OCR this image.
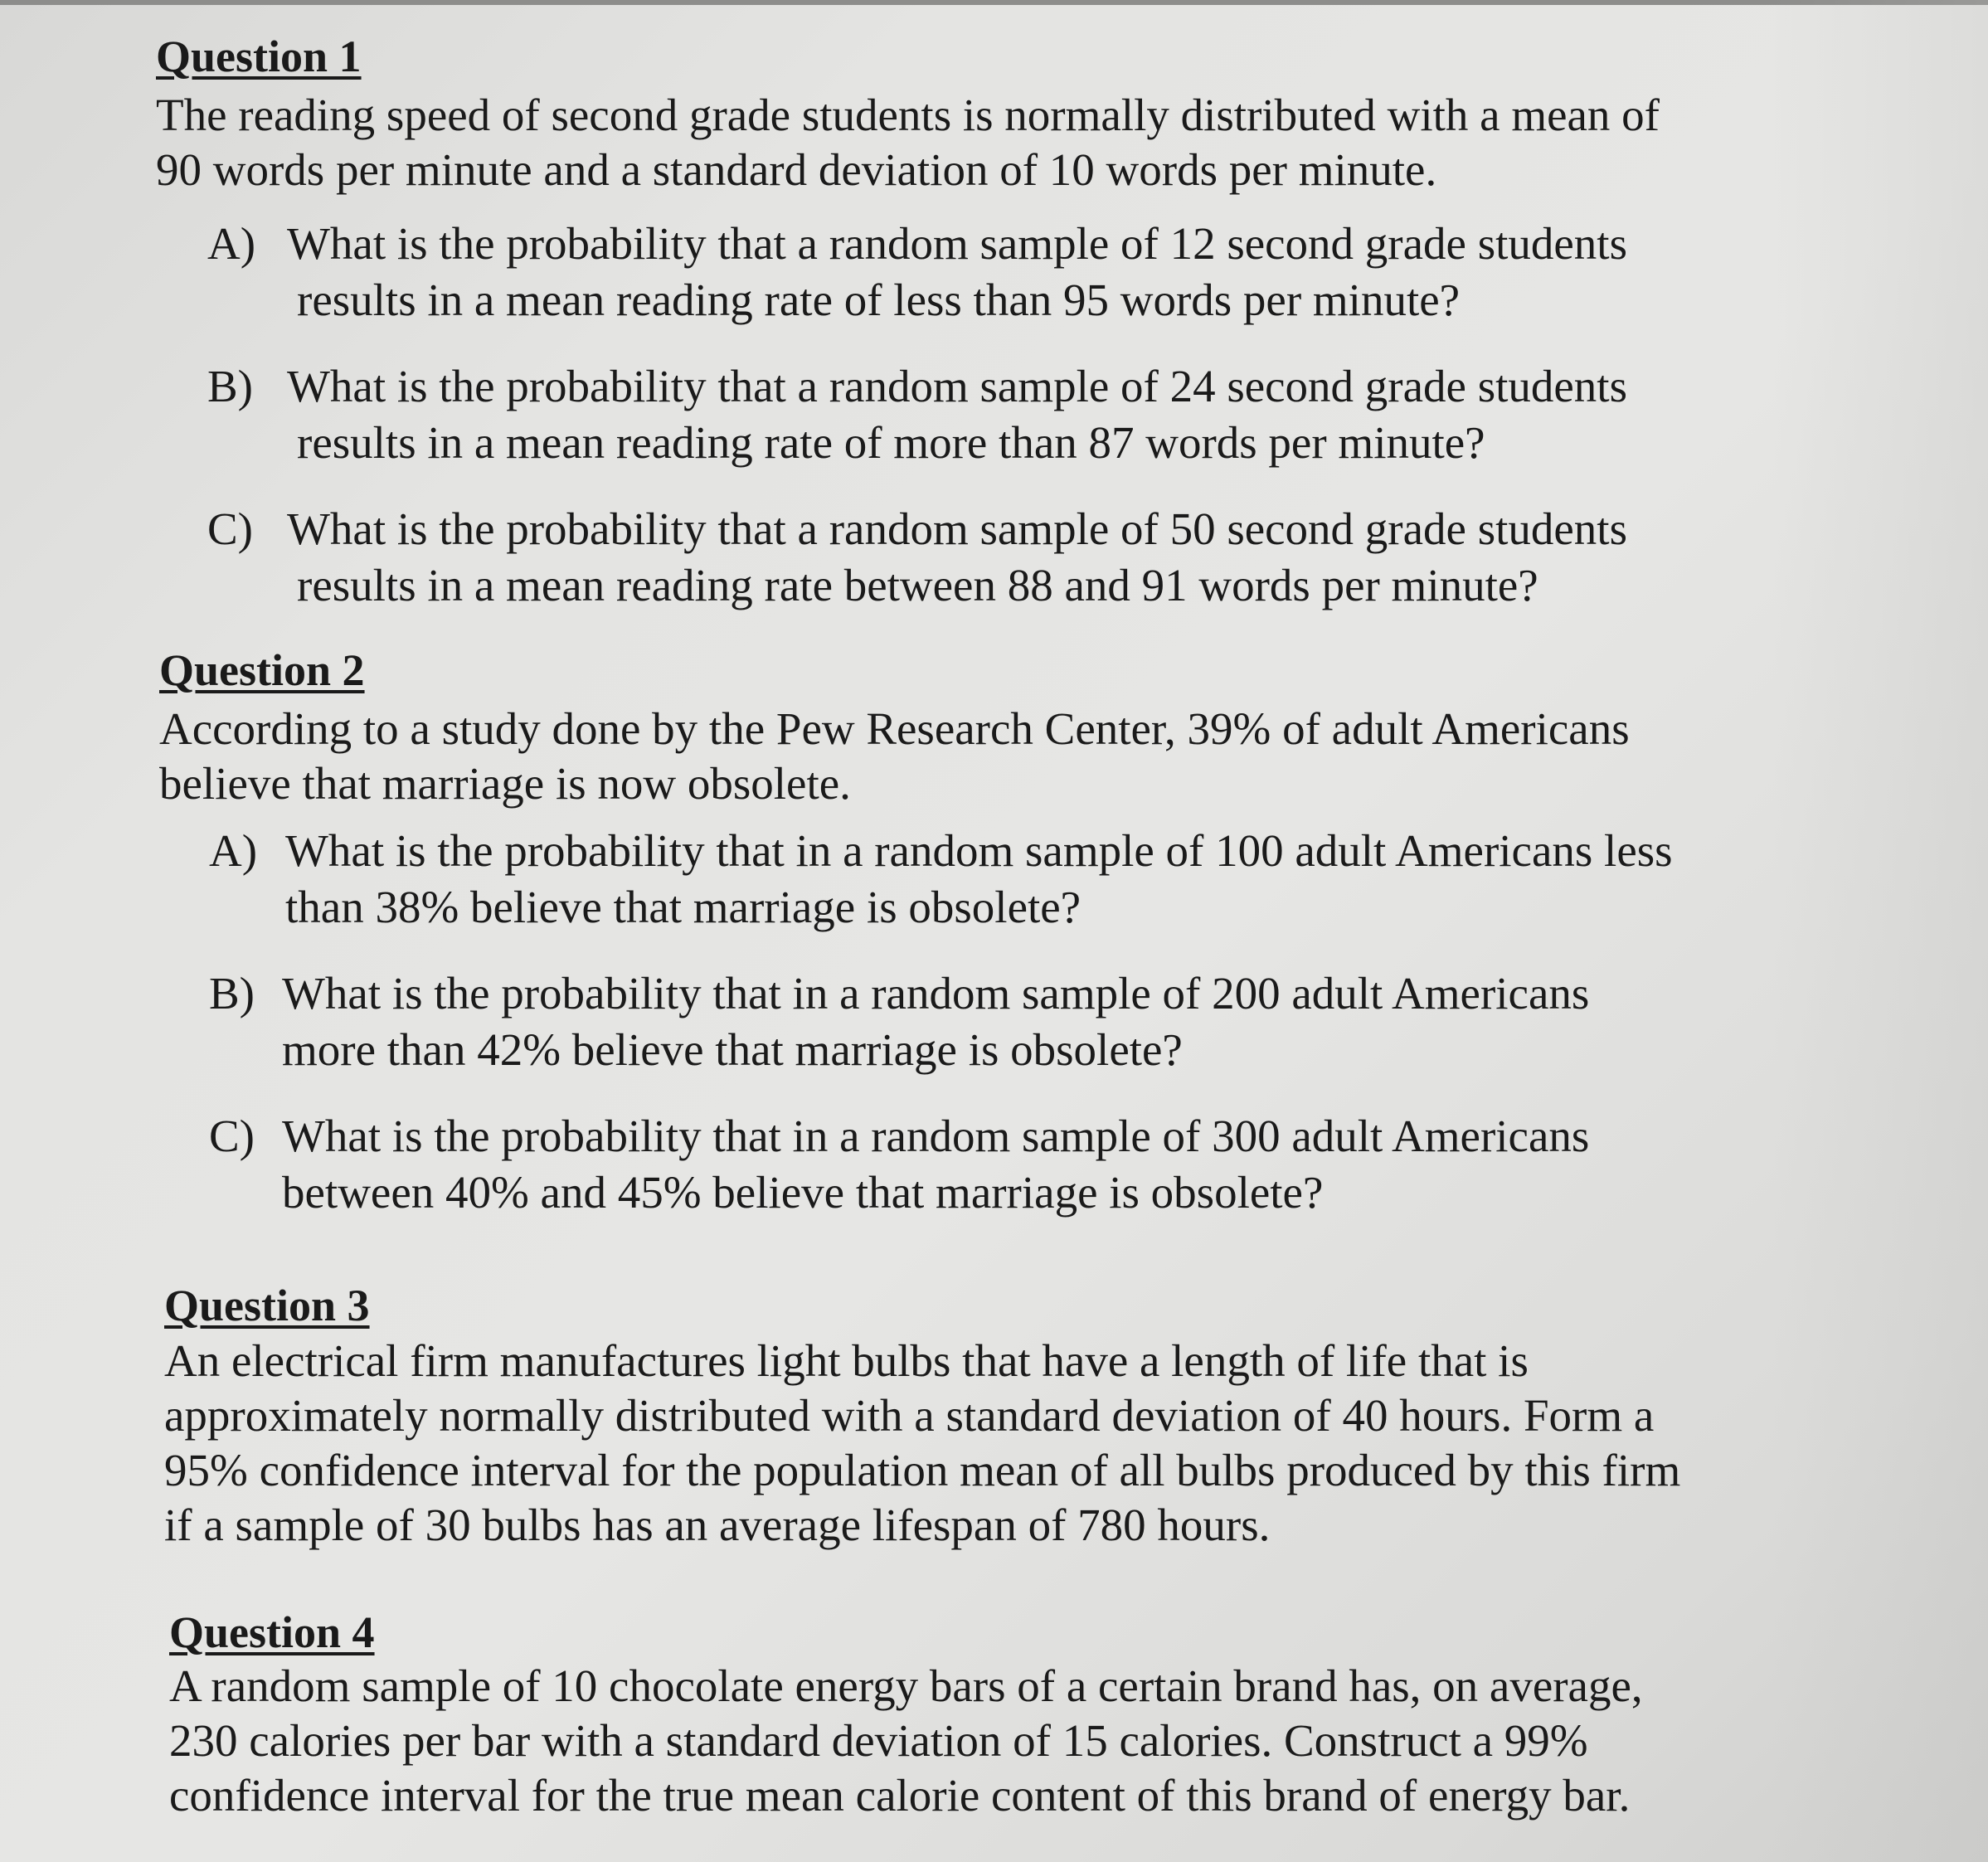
Question 1
The reading speed of second grade students is normally distributed with a mean of
90 words per minute and a standard deviation of 10 words per minute.
A) What is the probability that a random sample of 12 second grade students
results in a mean reading rate of less than 95 words per minute?
B) What is the probability that a random sample of 24 second grade students
results in a mean reading rate of more than 87 words per minute?
C) What is the probability that a random sample of 50 second grade students
results in a mean reading rate between 88 and 91 words per minute?
Question 2
According to a study done by the Pew Research Center, 39% of adult Americans
believe that marriage is now obsolete.
A) What is the probability that in a random sample of 100 adult Americans less
than 38% believe that marriage is obsolete?
B) What is the probability that in a random sample of 200 adult Americans
more than 42% believe that marriage is obsolete?
C) What is the probability that in a random sample of 300 adult Americans
between 40% and 45% believe that marriage is obsolete?
Question 3
An electrical firm manufactures light bulbs that have a length of life that is
approximately normally distributed with a standard deviation of 40 hours. Form a
95% confidence interval for the population mean of all bulbs produced by this firm
if a sample of 30 bulbs has an average lifespan of 780 hours.
Question 4
A random sample of 10 chocolate energy bars of a certain brand has, on average,
230 calories per bar with a standard deviation of 15 calories. Construct a 99%
confidence interval for the true mean calorie content of this brand of energy bar.
